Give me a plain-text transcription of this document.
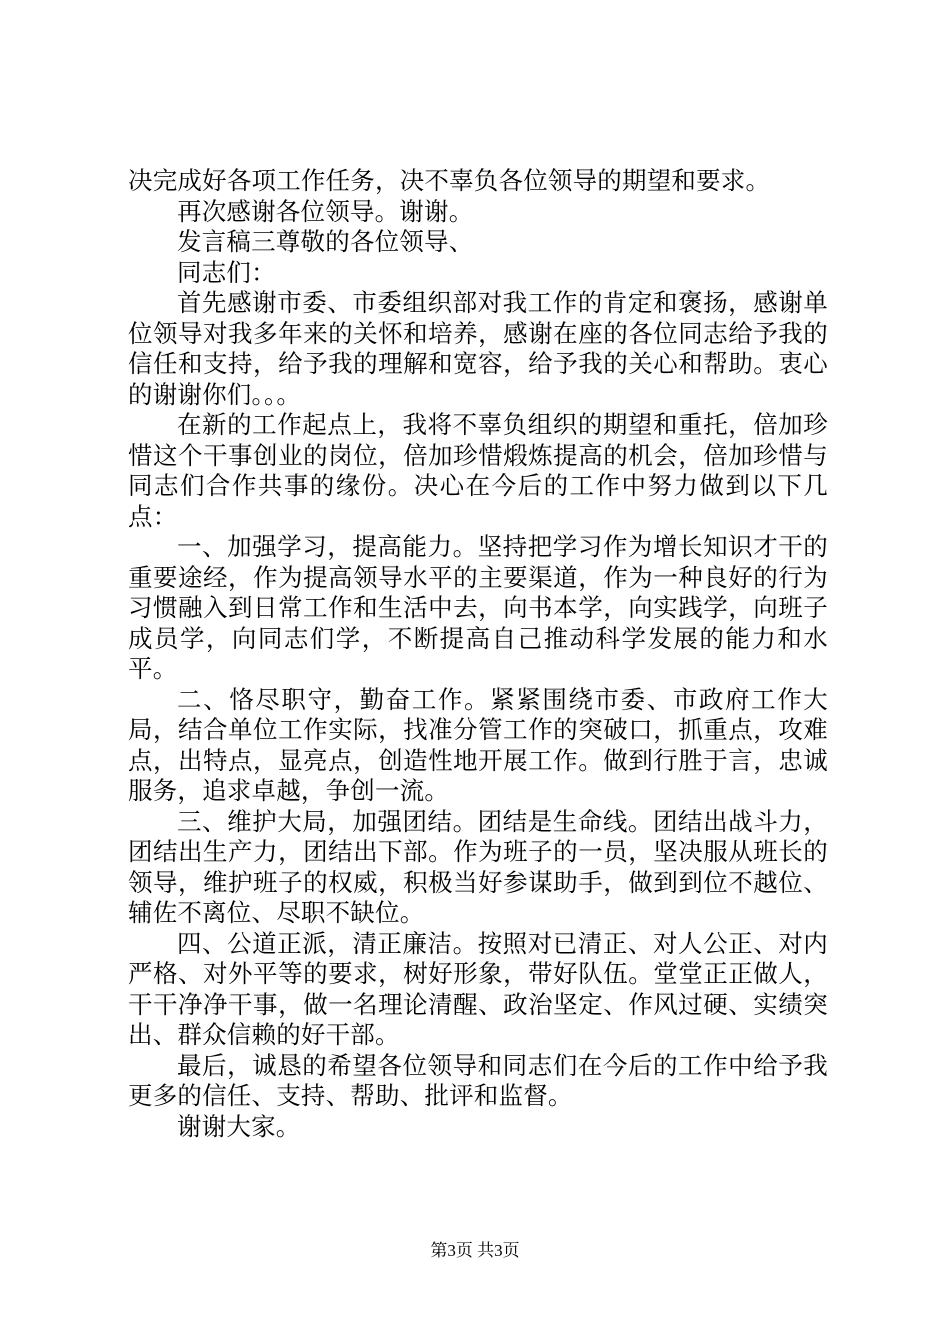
决完成好各项工作任务，决不辜负各位领导的期望和要求。

再次感谢各位领导。谢谢。

发言稿三尊敬的各位领导、

同志们：

首先感谢市委、市委组织部对我工作的肯定和褒扬，感谢单位领导对我多年来的关怀和培养，感谢在座的各位同志给予我的信任和支持，给予我的理解和宽容，给予我的关心和帮助。衷心的谢谢你们。。。

在新的工作起点上，我将不辜负组织的期望和重托，倍加珍惜这个干事创业的岗位，倍加珍惜煅炼提高的机会，倍加珍惜与同志们合作共事的缘份。决心在今后的工作中努力做到以下几点：

一、加强学习，提高能力。坚持把学习作为增长知识才干的重要途经，作为提高领导水平的主要渠道，作为一种良好的行为习惯融入到日常工作和生活中去，向书本学，向实践学，向班子成员学，向同志们学，不断提高自己推动科学发展的能力和水平。

二、恪尽职守，勤奋工作。紧紧围绕市委、市政府工作大局，结合单位工作实际，找准分管工作的突破口，抓重点，攻难点，出特点，显亮点，创造性地开展工作。做到行胜于言，忠诚服务，追求卓越，争创一流。

三、维护大局，加强团结。团结是生命线。团结出战斗力，团结出生产力，团结出下部。作为班子的一员，坚决服从班长的领导，维护班子的权威，积极当好参谋助手，做到到位不越位、辅佐不离位、尽职不缺位。

四、公道正派，清正廉洁。按照对已清正、对人公正、对内严格、对外平等的要求，树好形象，带好队伍。堂堂正正做人，干干净净干事，做一名理论清醒、政治坚定、作风过硬、实绩突出、群众信赖的好干部。

最后，诚恳的希望各位领导和同志们在今后的工作中给予我更多的信任、支持、帮助、批评和监督。

谢谢大家。

第3页 共3页
